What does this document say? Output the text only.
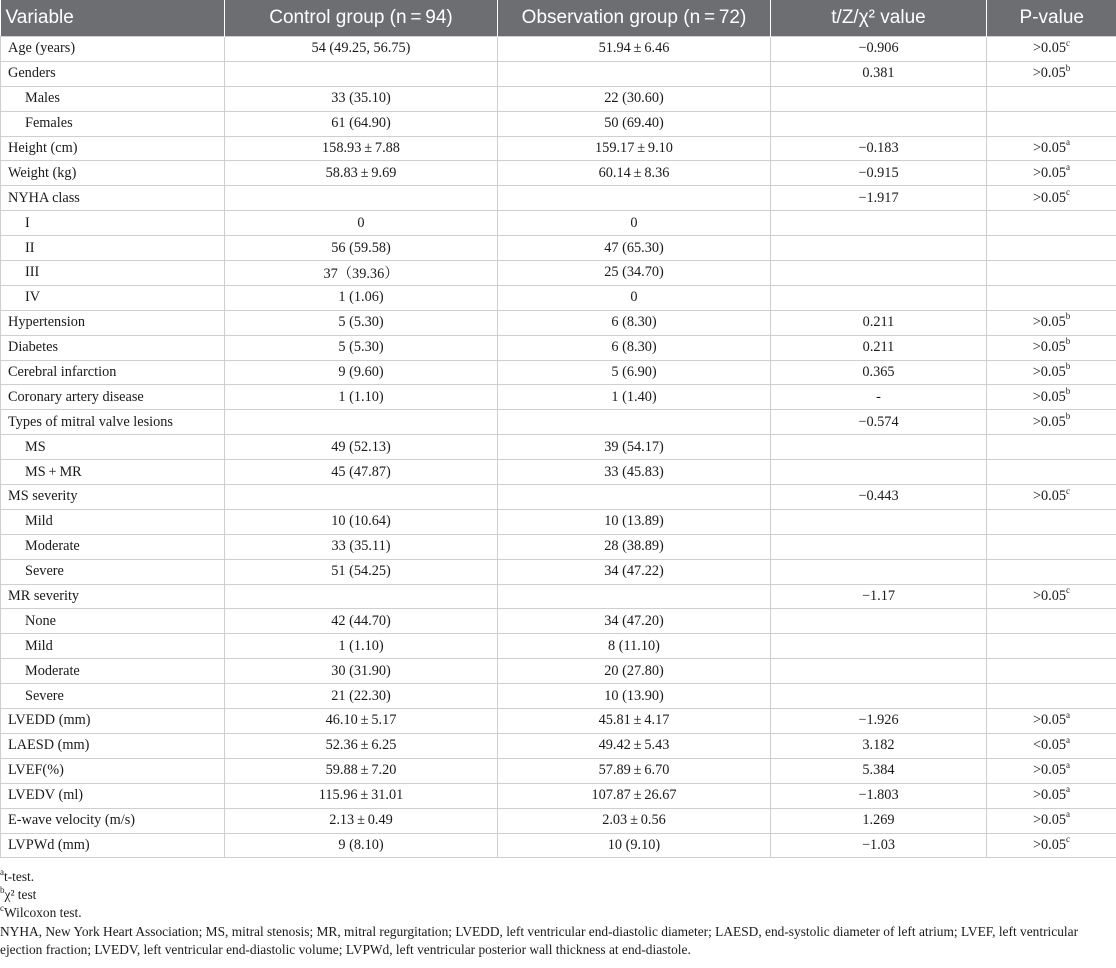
Variable	Control group (n = 94)	Observation group (n = 72)	t/Z/χ² value	P-value
Age (years)	54 (49.25, 56.75)	51.94 ± 6.46	−0.906	>0.05$^c$
Genders			0.381	>0.05$^b$
Males	33 (35.10)	22 (30.60)		
Females	61 (64.90)	50 (69.40)		
Height (cm)	158.93 ± 7.88	159.17 ± 9.10	−0.183	>0.05$^a$
Weight (kg)	58.83 ± 9.69	60.14 ± 8.36	−0.915	>0.05$^a$
NYHA class			−1.917	>0.05$^c$
I	0	0		
II	56 (59.58)	47 (65.30)		
III	37（39.36）	25 (34.70)		
IV	1 (1.06)	0		
Hypertension	5 (5.30)	6 (8.30)	0.211	>0.05$^b$
Diabetes	5 (5.30)	6 (8.30)	0.211	>0.05$^b$
Cerebral infarction	9 (9.60)	5 (6.90)	0.365	>0.05$^b$
Coronary artery disease	1 (1.10)	1 (1.40)	-	>0.05$^b$
Types of mitral valve lesions			−0.574	>0.05$^b$
MS	49 (52.13)	39 (54.17)		
MS + MR	45 (47.87)	33 (45.83)		
MS severity			−0.443	>0.05$^c$
Mild	10 (10.64)	10 (13.89)		
Moderate	33 (35.11)	28 (38.89)		
Severe	51 (54.25)	34 (47.22)		
MR severity			−1.17	>0.05$^c$
None	42 (44.70)	34 (47.20)		
Mild	1 (1.10)	8 (11.10)		
Moderate	30 (31.90)	20 (27.80)		
Severe	21 (22.30)	10 (13.90)		
LVEDD (mm)	46.10 ± 5.17	45.81 ± 4.17	−1.926	>0.05$^a$
LAESD (mm)	52.36 ± 6.25	49.42 ± 5.43	3.182	<0.05$^a$
LVEF(%)	59.88 ± 7.20	57.89 ± 6.70	5.384	>0.05$^a$
LVEDV (ml)	115.96 ± 31.01	107.87 ± 26.67	−1.803	>0.05$^a$
E-wave velocity (m/s)	2.13 ± 0.49	2.03 ± 0.56	1.269	>0.05$^a$
LVPWd (mm)	9 (8.10)	10 (9.10)	−1.03	>0.05$^c$

$^a$t-test.

$^b$χ² test

$^c$Wilcoxon test.

NYHA, New York Heart Association; MS, mitral stenosis; MR, mitral regurgitation; LVEDD, left ventricular end-diastolic diameter; LAESD, end-systolic diameter of left atrium; LVEF, left ventricular ejection fraction; LVEDV, left ventricular end-diastolic volume; LVPWd, left ventricular posterior wall thickness at end-diastole.
